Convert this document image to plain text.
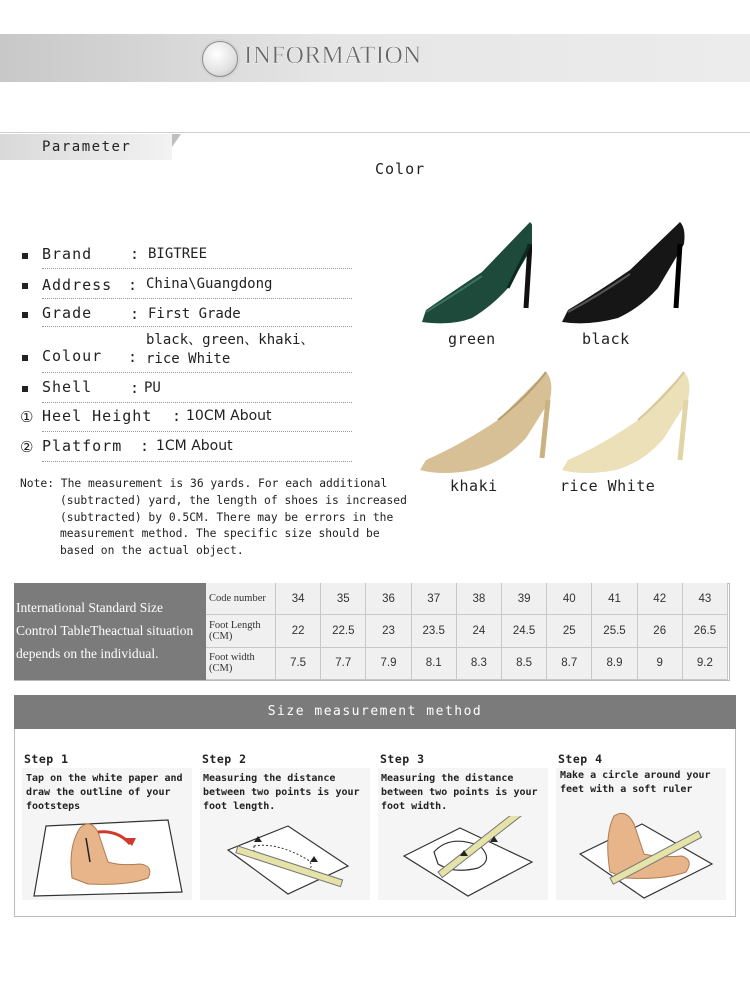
INFORMATION
Parameter
Color
Brand	: BIGTREE
Address : China\Guangdong
Grade	: First Grade
black、green、khaki、
Colour : rice White
Shell	: PU
① Heel Height : 10CM About
② Platform : 1CM About
Note: The measurement is 36 yards. For each additional
(subtracted) yard, the length of shoes is increased
(subtracted) by 0.5CM. There may be errors in the
measurement method. The specific size should be
based on the actual object.
green	black
khaki	rice White
International Standard Size Control TableTheactual situation depends on the individual.
Code number	34	35	36	37	38	39	40	41	42	43
Foot Length (CM)	22	22.5	23	23.5	24	24.5	25	25.5	26	26.5
Foot width (CM)	7.5	7.7	7.9	8.1	8.3	8.5	8.7	8.9	9	9.2
Size measurement method
Step 1
Tap on the white paper and draw the outline of your footsteps
Step 2
Measuring the distance between two points is your foot length.
Step 3
Measuring the distance between two points is your foot width.
Step 4
Make a circle around your feet with a soft ruler
